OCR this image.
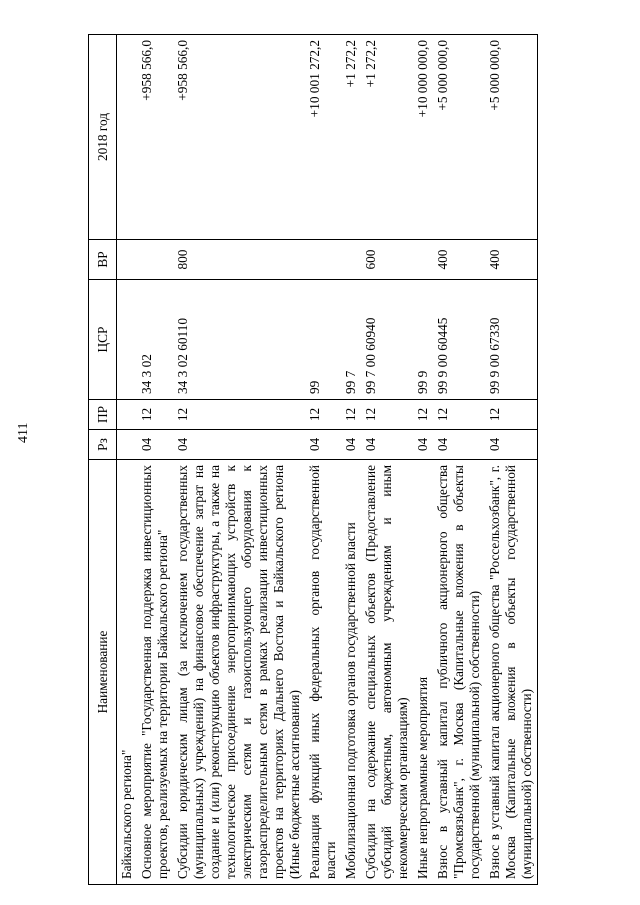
411
Наименование	Рз	ПР	ЦСР	ВР	2018 год
Байкальского региона"					
Основное мероприятие "Государственная поддержка инвестиционных проектов, реализуемых на территории Байкальского региона"	04	12	34 3 02		+958 566,0
Субсидии юридическим лицам (за исключением государственных (муниципальных) учреждений) на финансовое обеспечение затрат на создание и (или) реконструкцию объектов инфраструктуры, а также на технологическое присоединение энергопринимающих устройств к электрическим сетям и газоиспользующего оборудования к газораспределительным сетям в рамках реализации инвестиционных проектов на территориях Дальнего Востока и Байкальского региона (Иные бюджетные ассигнования)	04	12	34 3 02 60110	800	+958 566,0
Реализация функций иных федеральных органов государственной власти	04	12	99		+10 001 272,2
Мобилизационная подготовка органов государственной власти	04	12	99 7		+1 272,2
Субсидии на содержание специальных объектов (Предоставление субсидий бюджетным, автономным учреждениям и иным некоммерческим организациям)	04	12	99 7 00 60940	600	+1 272,2
Иные непрограммные мероприятия	04	12	99 9		+10 000 000,0
Взнос в уставный капитал публичного акционерного общества "Промсвязьбанк", г. Москва (Капитальные вложения в объекты государственной (муниципальной) собственности)	04	12	99 9 00 60445	400	+5 000 000,0
Взнос в уставный капитал акционерного общества "Россельхозбанк", г. Москва (Капитальные вложения в объекты государственной (муниципальной) собственности)	04	12	99 9 00 67330	400	+5 000 000,0
